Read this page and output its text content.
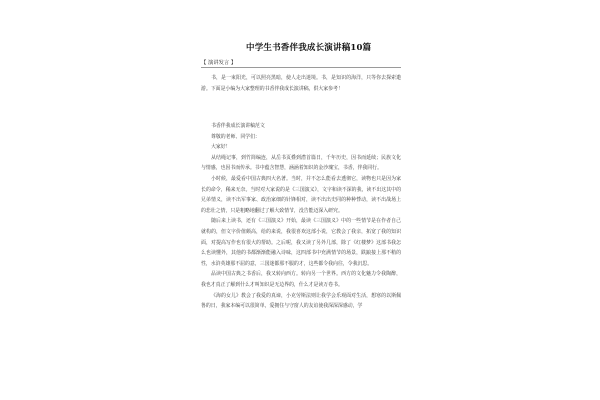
中学生书香伴我成长演讲稿10篇
【 演讲发言 】

书，是一束阳光，可以照亮黑暗，使人走出迷境。书，是知识的海洋，只等你去探索遨游。下面是小编为大家整理的书香伴我成长演讲稿，供大家参考！

书香伴我成长演讲稿范文

尊敬的老师、同学们：

大家好！

从结绳记事，到竹简编连，从岳书页叠到潜首篇日，千年历史，因书而延续；民族文化与情感，也因书而传承。书中蕴含智慧，涵涵着知识的金沙瑰宝，书香，伴我同行。

小时候，最爱看中国古典四大名著。当时，并不怎么能看去透彻它，读物也只是因为家长的命令，稀来无奈。当时对大家说的是《三国演义》，文字和读不深的我，读不出这其中的兄弟情义，读不出军事家、政治家细的针锋相对，读不出出史同的种种悸动，读不出战场上的悲壮之情，只是粗略地翻过了解大致情节，没告能迈深入研究。

随后来上读书，还有《三国演义》开始，最读《三国演义》中的一些情节是在作者自己就构的，但文字价值颇高，给的来说，我很喜欢这部小说，它教会了我亲，拓宽了我的知识面，对提高写作也有很大的帮助。之后呢，我又读了另外几部，除了《红楼梦》这部书我怎么也读懂外，其他的书都渐渐能融入诗味，这四部书中充满情节的场景，跌踉接上那不稍的性，水浒英雄那不屈的意，三国迷都那不服的才，这些都令我向往，令我沉思。

品读中国古典之书香后，我又转向西方。转向另一个世界。西方的文化魅力令我陶醉，我也才真正了解到什么才叫知识是无边界的，什么才是读万卷书。

《海的女儿》教会了我爱的真谛，小克劳斯法则让我学会乐观面对生活，想寒的以斯佩鲁的日，我家本编可以很简单，爱拥住与守窗人的友谊使我深深深感动，学
